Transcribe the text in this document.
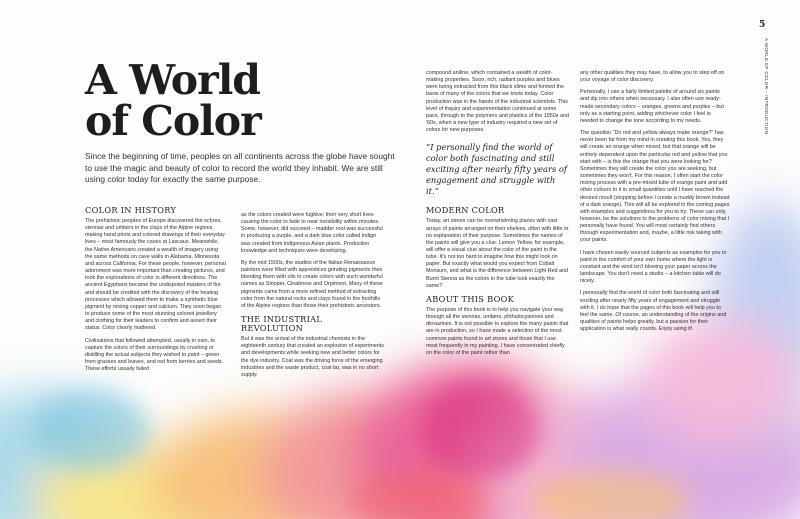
5
A WORLD OF COLOR – INTRODUCTION
A World
of Color

Since the beginning of time, peoples on all continents across the globe have sought to use the magic and beauty of color to record the world they inhabit. We are still using color today for exactly the same purpose.

COLOR IN HISTORY

The prehistoric peoples of Europe discovered the ochres, siennas and umbers in the clays of the Alpine regions, making hand prints and colored drawings of their everyday lives – most famously the caves at Lascaux. Meanwhile, the Native Americans created a wealth of imagery using the same methods on cave walls in Alabama, Minnesota and across California. For these people, however, personal adornment was more important than creating pictures, and took the explorations of color in different directions. The ancient Egyptians became the undisputed masters of fire and should be credited with the discovery of the heating processes which allowed them to make a synthetic blue pigment by mixing copper and calcium. They soon began to produce some of the most stunning colored jewellery and clothing for their leaders to confirm and assert their status. Color clearly mattered.

Civilisations that followed attempted, usually in vain, to capture the colors of their surroundings by crushing or distilling the actual subjects they wished to paint – green from grasses and leaves, and red from berries and seeds. These efforts usually failed

as the colors created were fugitive; their very short lives causing the color to fade to near invisibility within minutes. Some, however, did succeed – madder root was successful in producing a purple, and a dark blue color called indigo was created from indigenous Asian plants. Production knowledge and techniques were developing.

By the mid 1500s, the studios of the Italian Renaissance painters were filled with apprentices grinding pigments then blending them with oils to create colors with such wonderful names as Sinoper, Cinabrese and Orpiment. Many of these pigments came from a more refined method of extracting color from the natural rocks and clays found in the foothills of the Alpine regions than those their prehistoric ancestors.

THE INDUSTRIAL REVOLUTION

But it was the arrival of the industrial chemists in the eighteenth century that created an explosion of experiments and developments while seeking new and better colors for the dye industry. Coal was the driving force of the emerging industries and the waste product, coal tar, was in no short supply.

compound aniline, which contained a wealth of color-making properties. Soon, rich, radiant purples and blues were being extracted from this black slime and formed the basis of many of the colors that we know today. Color production was in the hands of the industrial scientists. This level of inquiry and experimentation continued at some pace, through to the polymers and plastics of the 1950s and '60s, when a new type of industry required a new set of colors for new purposes.

“I personally find the world of color both fascinating and still exciting after nearly fifty years of engagement and struggle with it.”

MODERN COLOR

Today, art stores can be overwhelming places with vast arrays of paints arranged on their shelves, often with little or no explanation of their purpose. Sometimes the names of the paints will give you a clue: Lemon Yellow, for example, will offer a visual clue about the color of the paint in the tube. It's not too hard to imagine how this might look on paper. But exactly what would you expect from Cobalt Monsum, and what is the difference between Light Red and Burnt Sienna as the colors in the tube look exactly the same?

ABOUT THIS BOOK

The purpose of this book is to help you navigate your way through all the siennas, umbers, phthalocyanines and dioxazines. It is not possible to explore the many paints that are in production, so I have made a selection of the most common paints found in art stores and those that I use most frequently in my painting. I have concentrated chiefly on the color of the paint rather than

any other qualities they may have, to allow you to step off on your voyage of color discovery.

Personally, I use a fairly limited palette of around six paints and dip into others when necessary. I also often use ready-made secondary colors – oranges, greens and purples – but only as a starting point, adding whichever color I feel is needed to change the tone according to my needs.

The question “Do red and yellow always make orange?” has never been far from my mind in creating this book. Yes, they will create an orange when mixed, but that orange will be entirely dependent upon the particular red and yellow that you start with – is this the orange that you were looking for? Sometimes they will create the color you are seeking, but sometimes they won't. For this reason, I often start the color mixing process with a pre-mixed tube of orange paint and add other colours to it in small quantities until I have reached the desired result (stopping before I create a muddy brown instead of a dark orange). This will all be explored in the coming pages with examples and suggestions for you to try. These can only, however, be the solutions to the problems of color mixing that I personally have found. You will most certainly find others through experimentation and, maybe, a little risk taking with your paints.

I have chosen easily sourced subjects as examples for you to paint in the comfort of your own home where the light is constant and the wind isn't blowing your paper across the landscape. You don't need a studio – a kitchen table will do nicely.

I personally find the world of color both fascinating and still exciting after nearly fifty years of engagement and struggle with it. I do hope that the pages of this book will help you to feel the same. Of course, an understanding of the origins and qualities of paints helps greatly, but a passion for their application is what really counts. Enjoy using it!
